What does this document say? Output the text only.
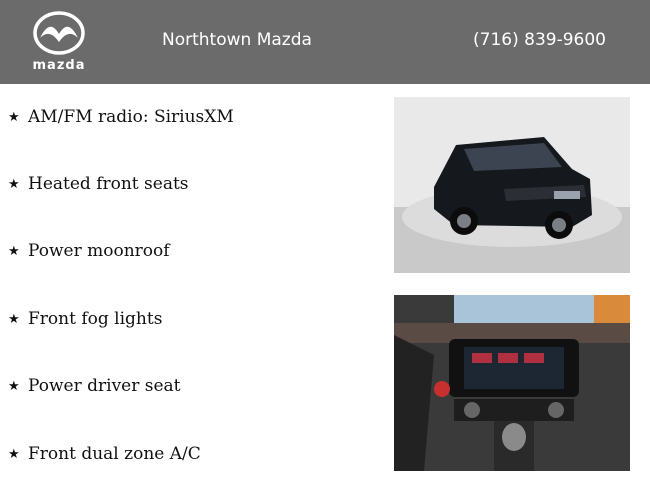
mazda
Northtown Mazda	(716) 839-9600
★ AM/FM radio: SiriusXM
★ Heated front seats
★ Power moonroof
★ Front fog lights
★ Power driver seat
★ Front dual zone A/C
